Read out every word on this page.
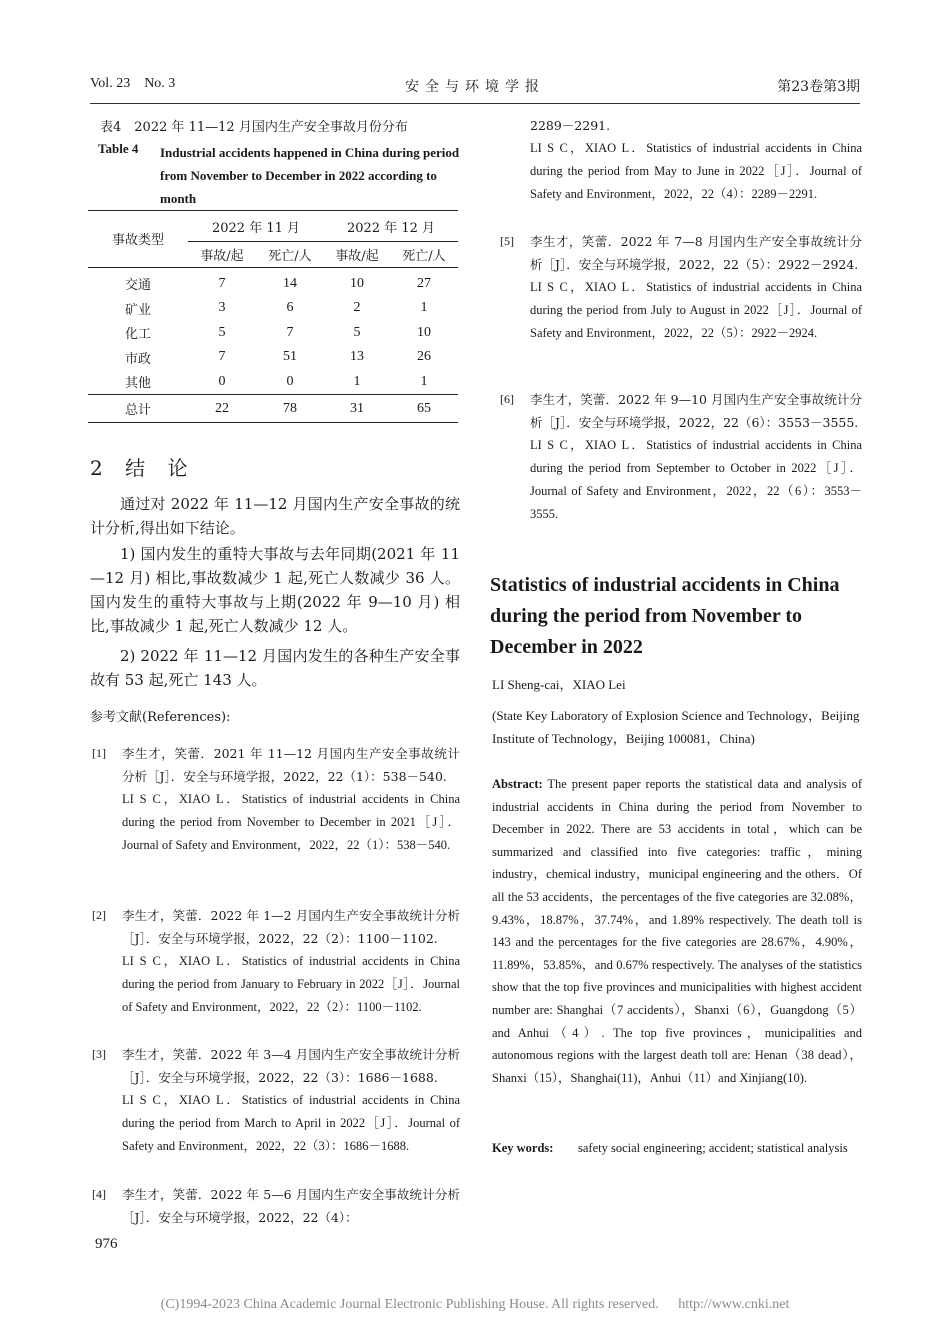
Vol. 23    No. 3	安全与环境学报	第23卷第3期
表4　2022 年 11—12 月国内生产安全事故月份分布
Table 4 Industrial accidents happened in China during period from November to December in 2022 according to month
事故类型	2022 年 11 月		2022 年 12 月	
	事故/起	死亡/人	事故/起	死亡/人
交通	7	14	10	27
矿业	3	6	2	1
化工	5	7	5	10
市政	7	51	13	26
其他	0	0	1	1
总计	22	78	31	65
2 结 论
通过对 2022 年 11—12 月国内生产安全事故的统计分析,得出如下结论。
1) 国内发生的重特大事故与去年同期(2021 年 11—12 月) 相比,事故数减少 1 起,死亡人数减少 36 人。国内发生的重特大事故与上期(2022 年 9—10 月) 相比,事故减少 1 起,死亡人数减少 12 人。
2) 2022 年 11—12 月国内发生的各种生产安全事故有 53 起,死亡 143 人。
参考文献(References):
[1] 李生才，笑蕾．2021 年 11—12 月国内生产安全事故统计分析［J］．安全与环境学报，2022，22（1）：538－540.
LI S C，XIAO L．Statistics of industrial accidents in China during the period from November to December in 2021［J］．Journal of Safety and Environment，2022，22（1）：538－540.
[2] 李生才，笑蕾．2022 年 1—2 月国内生产安全事故统计分析［J］．安全与环境学报，2022，22（2）：1100－1102.
LI S C，XIAO L．Statistics of industrial accidents in China during the period from January to February in 2022［J］．Journal of Safety and Environment，2022，22（2）：1100－1102.
[3] 李生才，笑蕾．2022 年 3—4 月国内生产安全事故统计分析［J］．安全与环境学报，2022，22（3）：1686－1688.
LI S C，XIAO L．Statistics of industrial accidents in China during the period from March to April in 2022［J］．Journal of Safety and Environment，2022，22（3）：1686－1688.
[4] 李生才，笑蕾．2022 年 5—6 月国内生产安全事故统计分析［J］．安全与环境学报，2022，22（4）：
976
2289－2291.
LI S C，XIAO L．Statistics of industrial accidents in China during the period from May to June in 2022［J］．Journal of Safety and Environment，2022，22（4）：2289－2291.
[5] 李生才，笑蕾．2022 年 7—8 月国内生产安全事故统计分析［J］．安全与环境学报，2022，22（5）：2922－2924.
LI S C，XIAO L．Statistics of industrial accidents in China during the period from July to August in 2022［J］．Journal of Safety and Environment，2022，22（5）：2922－2924.
[6] 李生才，笑蕾．2022 年 9—10 月国内生产安全事故统计分析［J］．安全与环境学报，2022，22（6）：3553－3555.
LI S C，XIAO L．Statistics of industrial accidents in China during the period from September to October in 2022［J］．Journal of Safety and Environment，2022，22（6）：3553－3555.
Statistics of industrial accidents in China during the period from November to December in 2022
LI Sheng-cai，XIAO Lei
(State Key Laboratory of Explosion Science and Technology，Beijing Institute of Technology，Beijing 100081，China)
Abstract: The present paper reports the statistical data and analysis of industrial accidents in China during the period from November to December in 2022. There are 53 accidents in total，which can be summarized and classified into five categories: traffic，mining industry，chemical industry，municipal engineering and the others．Of all the 53 accidents，the percentages of the five categories are 32.08%，9.43%，18.87%，37.74%，and 1.89% respectively. The death toll is 143 and the percentages for the five categories are 28.67%，4.90%，11.89%，53.85%，and 0.67% respectively. The analyses of the statistics show that the top five provinces and municipalities with highest accident number are: Shanghai（7 accidents），Shanxi（6），Guangdong（5）and Anhui（4）. The top five provinces，municipalities and autonomous regions with the largest death toll are: Henan（38 dead），Shanxi（15），Shanghai(11)，Anhui（11）and Xinjiang(10).
Key words: safety social engineering; accident; statistical analysis
(C)1994-2023 China Academic Journal Electronic Publishing House. All rights reserved. http://www.cnki.net
